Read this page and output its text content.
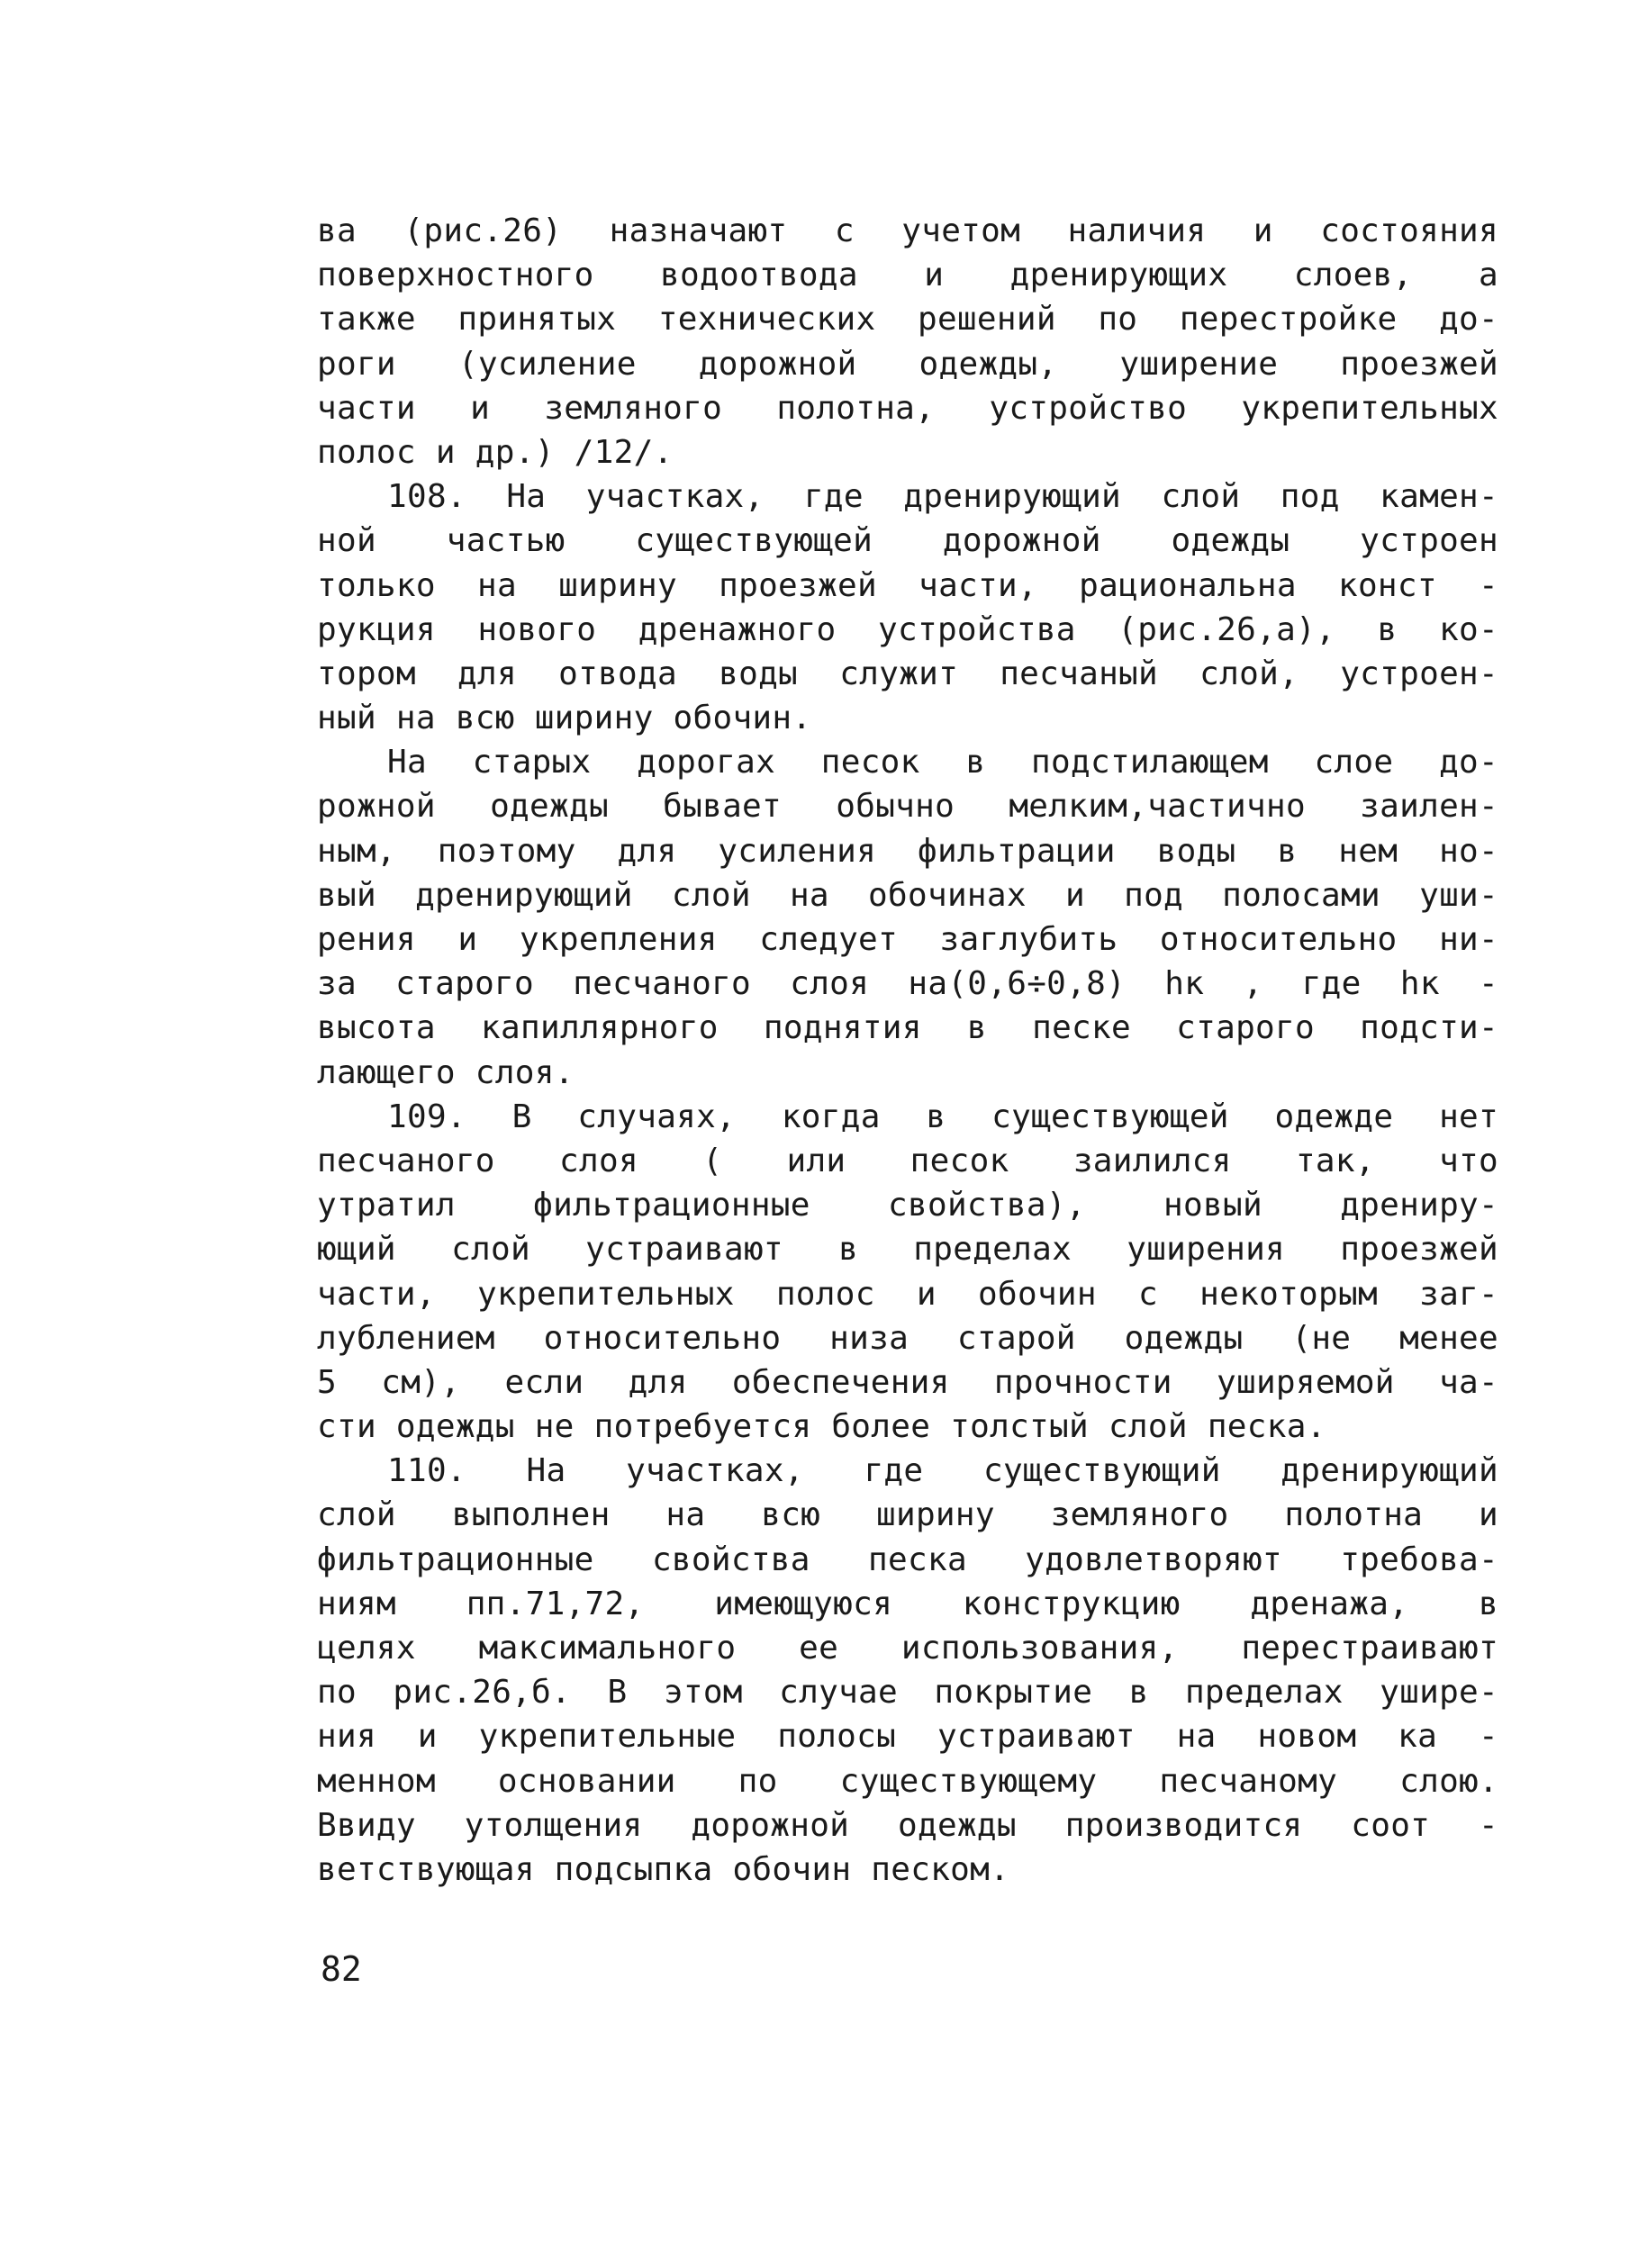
ва (рис.26) назначают с учетом наличия и состояния
поверхностного водоотвода и дренирующих слоев, а
также принятых технических решений по перестройке до-
роги (усиление дорожной одежды, уширение проезжей
части и земляного полотна, устройство укрепительных
полос и др.) /12/.
108. На участках, где дренирующий слой под камен-
ной частью существующей дорожной одежды устроен
только на ширину проезжей части, рациональна конст -
рукция нового дренажного устройства (рис.26,а), в ко-
тором для отвода воды служит песчаный слой, устроен-
ный на всю ширину обочин.
На старых дорогах песок в подстилающем слое до-
рожной одежды бывает обычно мелким,частично заилен-
ным, поэтому для усиления фильтрации воды в нем но-
вый дренирующий слой на обочинах и под полосами уши-
рения и укрепления следует заглубить относительно ни-
за старого песчаного слоя на(0,6÷0,8) hк , где hк -
высота капиллярного поднятия в песке старого подсти-
лающего слоя.
109. В случаях, когда в существующей одежде нет
песчаного слоя ( или песок заилился так, что
утратил фильтрационные свойства), новый дрениру-
ющий слой устраивают в пределах уширения проезжей
части, укрепительных полос и обочин с некоторым заг-
лублением относительно низа старой одежды (не менее
5 см), если для обеспечения прочности уширяемой ча-
сти одежды не потребуется более толстый слой песка.
110. На участках, где существующий дренирующий
слой выполнен на всю ширину земляного полотна и
фильтрационные свойства песка удовлетворяют требова-
ниям пп.71,72, имеющуюся конструкцию дренажа, в
целях максимального ее использования, перестраивают
по рис.26,б. В этом случае покрытие в пределах ушире-
ния и укрепительные полосы устраивают на новом ка -
менном основании по существующему песчаному слою.
Ввиду утолщения дорожной одежды производится соот -
ветствующая подсыпка обочин песком.
82
